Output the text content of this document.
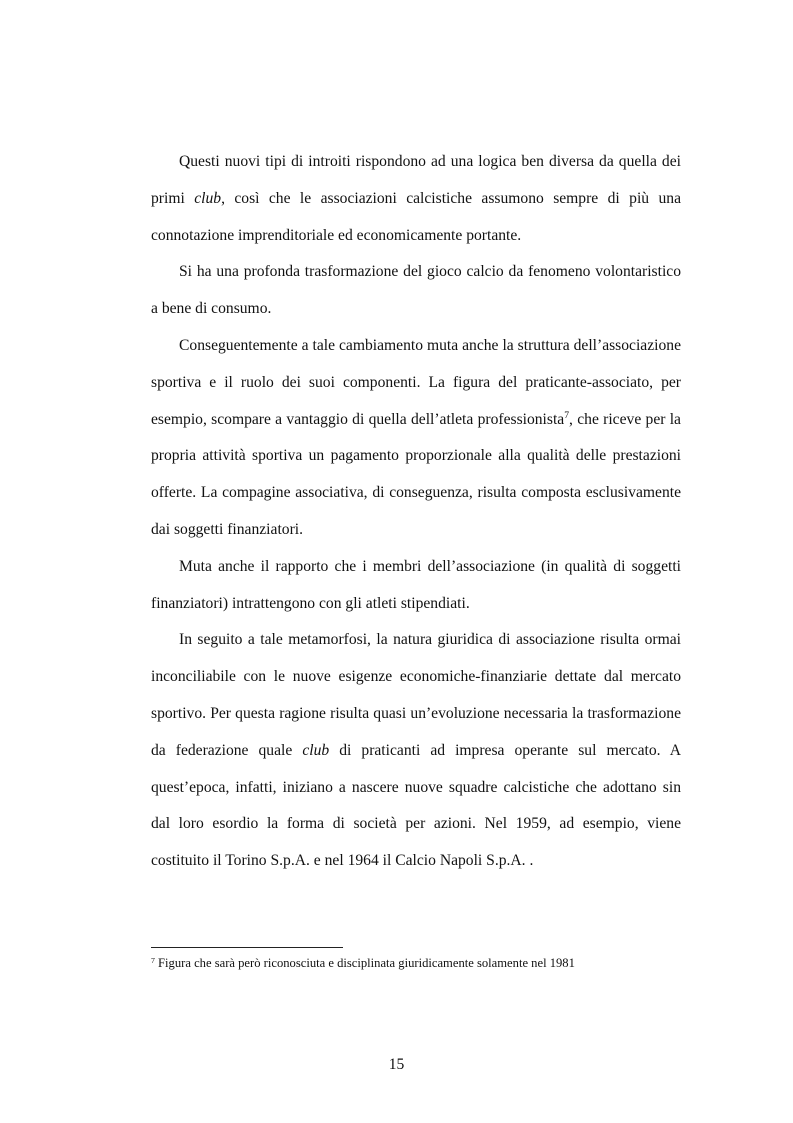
Questi nuovi tipi di introiti rispondono ad una logica ben diversa da quella dei primi club, così che le associazioni calcistiche assumono sempre di più una connotazione imprenditoriale ed economicamente portante.

Si ha una profonda trasformazione del gioco calcio da fenomeno volontaristico a bene di consumo.

Conseguentemente a tale cambiamento muta anche la struttura dell’associazione sportiva e il ruolo dei suoi componenti. La figura del praticante-associato, per esempio, scompare a vantaggio di quella dell’atleta professionista$^7$, che riceve per la propria attività sportiva un pagamento proporzionale alla qualità delle prestazioni offerte. La compagine associativa, di conseguenza, risulta composta esclusivamente dai soggetti finanziatori.

Muta anche il rapporto che i membri dell’associazione (in qualità di soggetti finanziatori) intrattengono con gli atleti stipendiati.

In seguito a tale metamorfosi, la natura giuridica di associazione risulta ormai inconciliabile con le nuove esigenze economiche-finanziarie dettate dal mercato sportivo. Per questa ragione risulta quasi un’evoluzione necessaria la trasformazione da federazione quale club di praticanti ad impresa operante sul mercato. A quest’epoca, infatti, iniziano a nascere nuove squadre calcistiche che adottano sin dal loro esordio la forma di società per azioni. Nel 1959, ad esempio, viene costituito il Torino S.p.A. e nel 1964 il Calcio Napoli S.p.A. .

$^7$ Figura che sarà però riconosciuta e disciplinata giuridicamente solamente nel 1981
15
